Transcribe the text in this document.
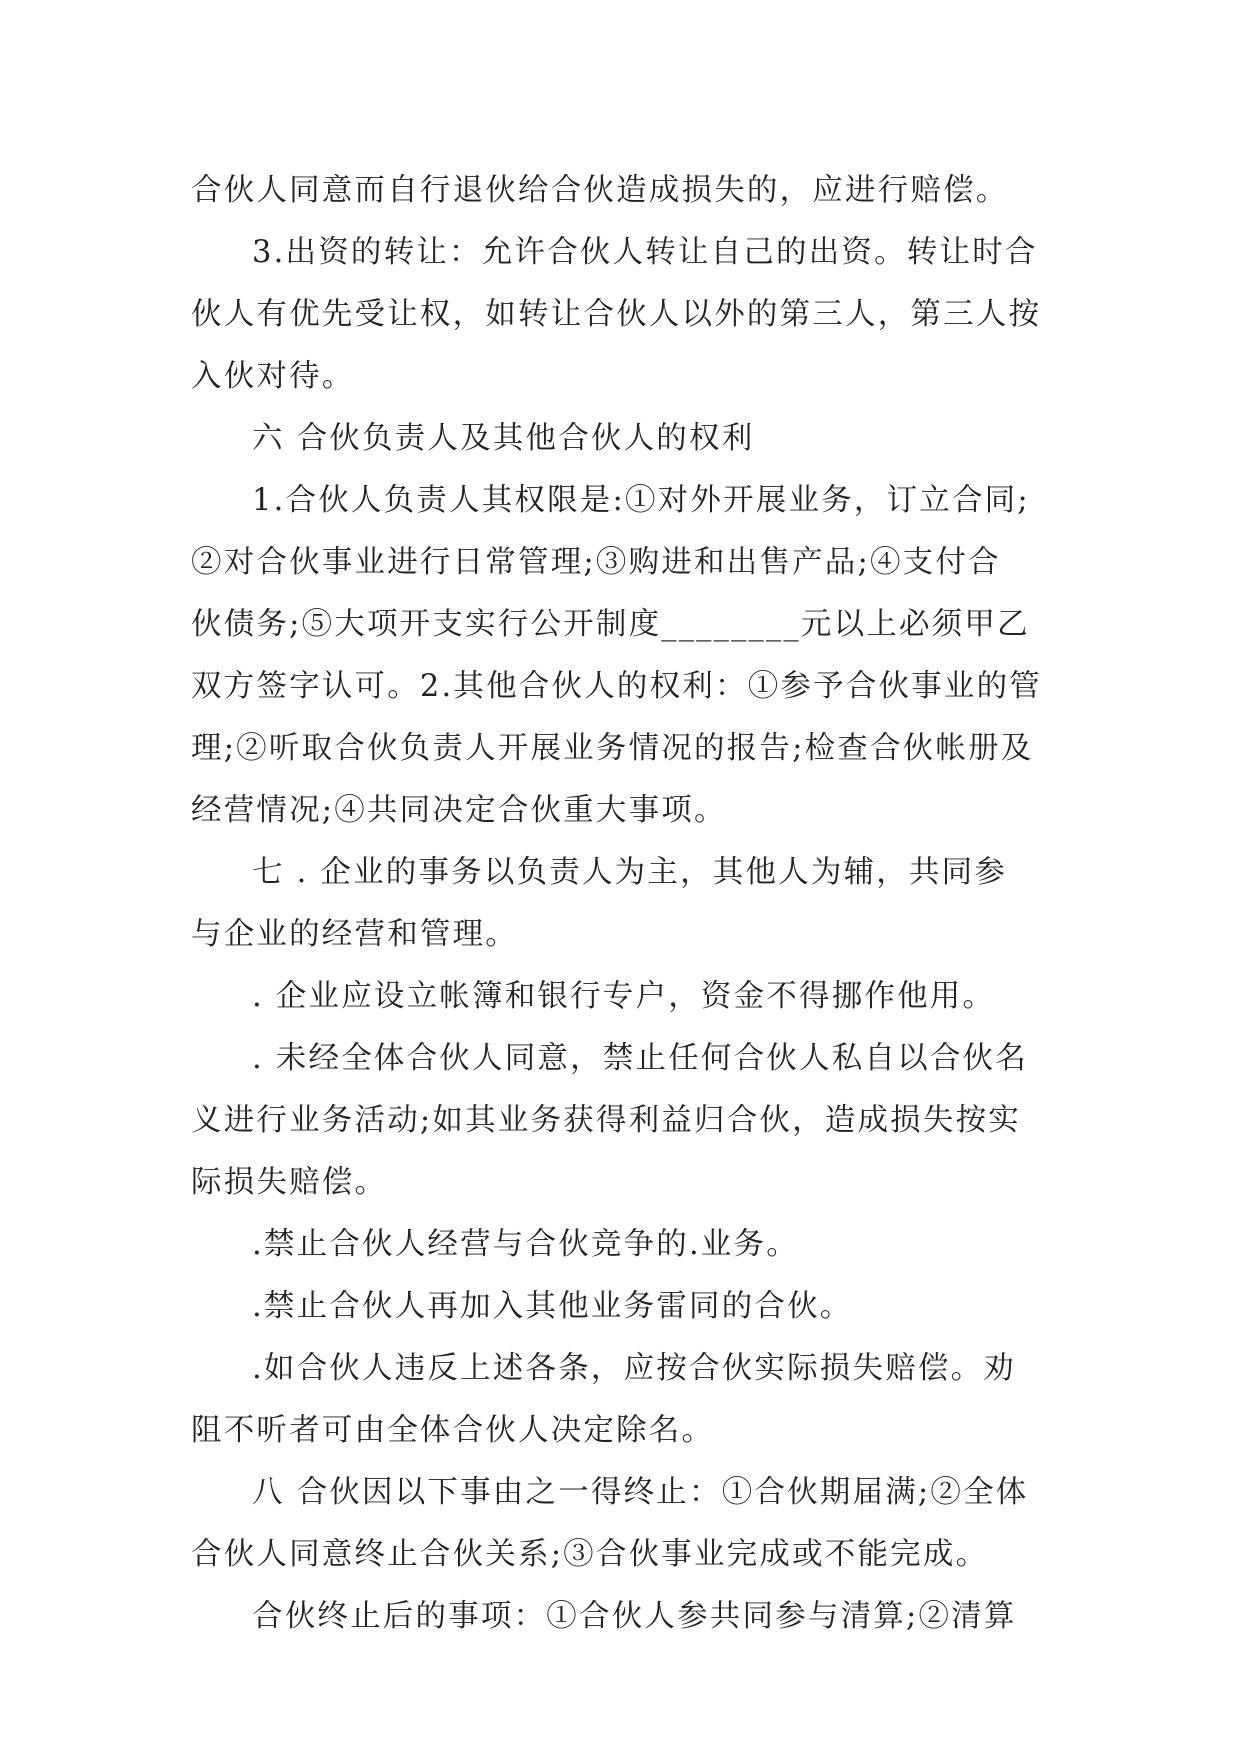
合伙人同意而自行退伙给合伙造成损失的，应进行赔偿。
3.出资的转让：允许合伙人转让自己的出资。转让时合
伙人有优先受让权，如转让合伙人以外的第三人，第三人按
入伙对待。
六 合伙负责人及其他合伙人的权利
1.合伙人负责人其权限是:①对外开展业务，订立合同;
②对合伙事业进行日常管理;③购进和出售产品;④支付合
伙债务;⑤大项开支实行公开制度________元以上必须甲乙
双方签字认可。2.其他合伙人的权利：①参予合伙事业的管
理;②听取合伙负责人开展业务情况的报告;检查合伙帐册及
经营情况;④共同决定合伙重大事项。
七 . 企业的事务以负责人为主，其他人为辅，共同参
与企业的经营和管理。
. 企业应设立帐簿和银行专户，资金不得挪作他用。
. 未经全体合伙人同意，禁止任何合伙人私自以合伙名
义进行业务活动;如其业务获得利益归合伙，造成损失按实
际损失赔偿。
.禁止合伙人经营与合伙竞争的.业务。
.禁止合伙人再加入其他业务雷同的合伙。
.如合伙人违反上述各条，应按合伙实际损失赔偿。劝
阻不听者可由全体合伙人决定除名。
八 合伙因以下事由之一得终止：①合伙期届满;②全体
合伙人同意终止合伙关系;③合伙事业完成或不能完成。
合伙终止后的事项：①合伙人参共同参与清算;②清算
